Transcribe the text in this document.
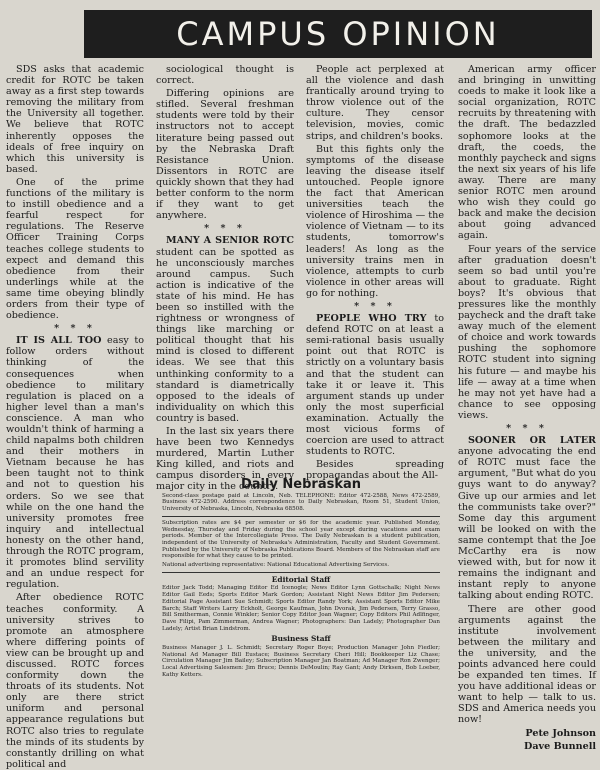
CAMPUS OPINION

SDS asks that academic credit for ROTC be taken away as a first step towards removing the military from the University all together. We believe that ROTC inherently opposes the ideals of free inquiry on which this university is based.

One of the prime functions of the military is to instill obedience and a fearful respect for regulations. The Reserve Officer Training Corps teaches college students to expect and demand this obedience from their underlings while at the same time obeying blindly orders from their type of obedience.

* * *

IT IS ALL TOO easy to follow orders without thinking of the consequences when obedience to military regulation is placed on a higher level than a man's conscience. A man who wouldn't think of harming a child napalms both children and their mothers in Vietnam because he has been taught not to think and not to question his orders. So we see that while on the one hand the university promotes free inquiry and intellectual honesty on the other hand, through the ROTC program, it promotes blind servility and an undue respect for regulation.

After obedience ROTC teaches conformity. A university strives to promote an atmosphere where differing points of view can be brought up and discussed. ROTC forces conformity down the throats of its students. Not only are there strict uniform and personal appearance regulations but ROTC also tries to regulate the minds of its students by constantly drilling on what political and

sociological thought is correct.

Differing opinions are stifled. Several freshman students were told by their instructors not to accept literature being passed out by the Nebraska Draft Resistance Union. Dissentors in ROTC are quickly shown that they had better conform to the norm if they want to get anywhere.

* * *

MANY A SENIOR ROTC student can be spotted as he unconsciously marches around campus. Such action is indicative of the state of his mind. He has been so instilled with the rightness or wrongness of things like marching or political thought that his mind is closed to different ideas. We see that this unthinking conformity to a standard is diametrically opposed to the ideals of individuality on which this country is based.

In the last six years there have been two Kennedys murdered, Martin Luther King killed, and riots and campus disorders in every major city in the country.

People act perplexed at all the violence and dash frantically around trying to throw violence out of the culture. They censor television, movies, comic strips, and children's books.

But this fights only the symptoms of the disease leaving the disease itself untouched. People ignore the fact that American universities teach the violence of Hiroshima — the violence of Vietnam — to its students, tomorrow's leaders! As long as the university trains men in violence, attempts to curb violence in other areas will go for nothing.

* * *

PEOPLE WHO TRY to defend ROTC on at least a semi-rational basis usually point out that ROTC is strictly on a voluntary basis and that the student can take it or leave it. This argument stands up under only the most superficial examination. Actually the most vicious forms of coercion are used to attract students to ROTC.

Besides spreading propagandas about the All-

American army officer and bringing in unwitting coeds to make it look like a social organization, ROTC recruits by threatening with the draft. The bedazzled sophomore looks at the draft, the coeds, the monthly paycheck and signs the next six years of his life away. There are many senior ROTC men around who wish they could go back and make the decision about going advanced again.

Four years of the service after graduation doesn't seem so bad until you're about to graduate. Right boys? It's obvious that pressures like the monthly paycheck and the draft take away much of the element of choice and work towards pushing the sophomore ROTC student into signing his future — and maybe his life — away at a time when he may not yet have had a chance to see opposing views.

* * *

SOONER OR LATER anyone advocating the end of ROTC must face the argument, "But what do you guys want to do anyway? Give up our armies and let the communists take over?" Some day this argument will be looked on with the same contempt that the Joe McCarthy era is now viewed with, but for now it remains the indignant and instant reply to anyone talking about ending ROTC.

There are other good arguments against the institute involvement between the military and the university, and the points advanced here could be expanded ten times. If you have additional ideas or want to help — talk to us. SDS and America needs you now!

Pete Johnson

Dave Bunnell

Daily Nebraskan

Second-class postage paid at Lincoln, Neb. TELEPHONE: Editor 472-2588, News 472-2589, Business 472-2590. Address correspondence to Daily Nebraskan, Room 51, Student Union, University of Nebraska, Lincoln, Nebraska 68508.

Subscription rates are $4 per semester or $6 for the academic year. Published Monday, Wednesday, Thursday and Friday during the school year except during vacations and exam periods. Member of the Intercollegiate Press. The Daily Nebraskan is a student publication, independent of the University of Nebraska's Administration, Faculty and Student Government. Published by the University of Nebraska Publications Board. Members of the Nebraskan staff are responsible for what they cause to be printed.

National advertising representative: National Educational Advertising Services.

Editorial Staff

Editor Jack Todd; Managing Editor Ed Icenogle; News Editor Lynn Gottschalk; Night News Editor Gail Eeds; Sports Editor Mark Gordon; Assistant Night News Editor Jim Pedersen; Editorial Page Assistant Sue Schmidt; Sports Editor Randy York; Assistant Sports Editor Mike Barch; Staff Writers Larry Eckholt, George Kaufman, John Dvorak, Jim Pedersen, Terry Grasso, Bill Smitherman, Connie Winkler; Senior Copy Editor Joan Wagner; Copy Editors Phil Adlfinger, Dave Filipi, Pam Zimmerman, Andrea Wagner; Photographers: Dan Ladely; Photographer Dan Ladely; Artist Brian Lindstrom.

Business Staff

Business Manager J. L. Schmidt; Secretary Roger Boye; Production Manager John Fiedler; National Ad Manager Bill Eustace; Business Secretary Cheri Hill; Bookkeeper Liz Chase; Circulation Manager Jim Bailey; Subscription Manager Jan Boatman; Ad Manager Ron Zwenger; Local Advertising Salesmen: Jim Bruce; Dennis DeMoulin; Ray Gant; Andy Dirksen, Bob Loeber, Kathy Ketters.
